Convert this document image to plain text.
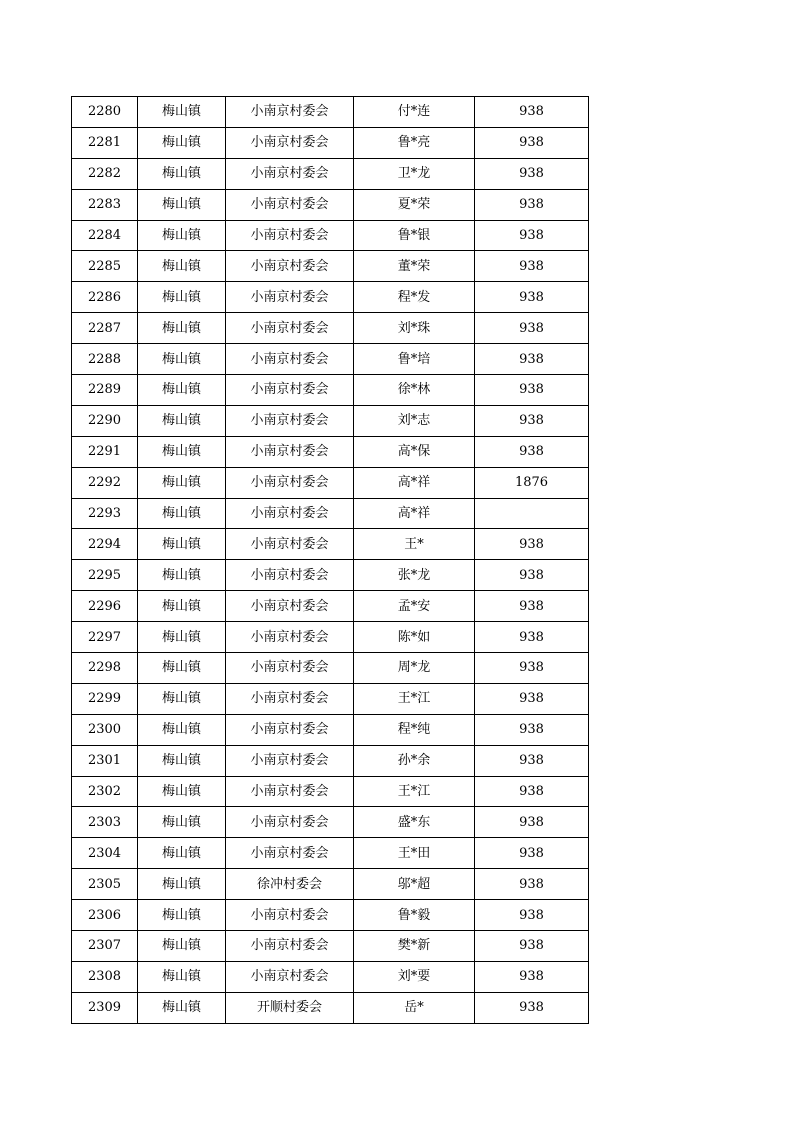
2280	梅山镇	小南京村委会	付*连	938
2281	梅山镇	小南京村委会	鲁*亮	938
2282	梅山镇	小南京村委会	卫*龙	938
2283	梅山镇	小南京村委会	夏*荣	938
2284	梅山镇	小南京村委会	鲁*银	938
2285	梅山镇	小南京村委会	董*荣	938
2286	梅山镇	小南京村委会	程*发	938
2287	梅山镇	小南京村委会	刘*珠	938
2288	梅山镇	小南京村委会	鲁*培	938
2289	梅山镇	小南京村委会	徐*林	938
2290	梅山镇	小南京村委会	刘*志	938
2291	梅山镇	小南京村委会	高*保	938
2292	梅山镇	小南京村委会	高*祥	1876
2293	梅山镇	小南京村委会	高*祥	
2294	梅山镇	小南京村委会	王*	938
2295	梅山镇	小南京村委会	张*龙	938
2296	梅山镇	小南京村委会	孟*安	938
2297	梅山镇	小南京村委会	陈*如	938
2298	梅山镇	小南京村委会	周*龙	938
2299	梅山镇	小南京村委会	王*江	938
2300	梅山镇	小南京村委会	程*纯	938
2301	梅山镇	小南京村委会	孙*余	938
2302	梅山镇	小南京村委会	王*江	938
2303	梅山镇	小南京村委会	盛*东	938
2304	梅山镇	小南京村委会	王*田	938
2305	梅山镇	徐冲村委会	邬*超	938
2306	梅山镇	小南京村委会	鲁*毅	938
2307	梅山镇	小南京村委会	樊*新	938
2308	梅山镇	小南京村委会	刘*要	938
2309	梅山镇	开顺村委会	岳*	938
